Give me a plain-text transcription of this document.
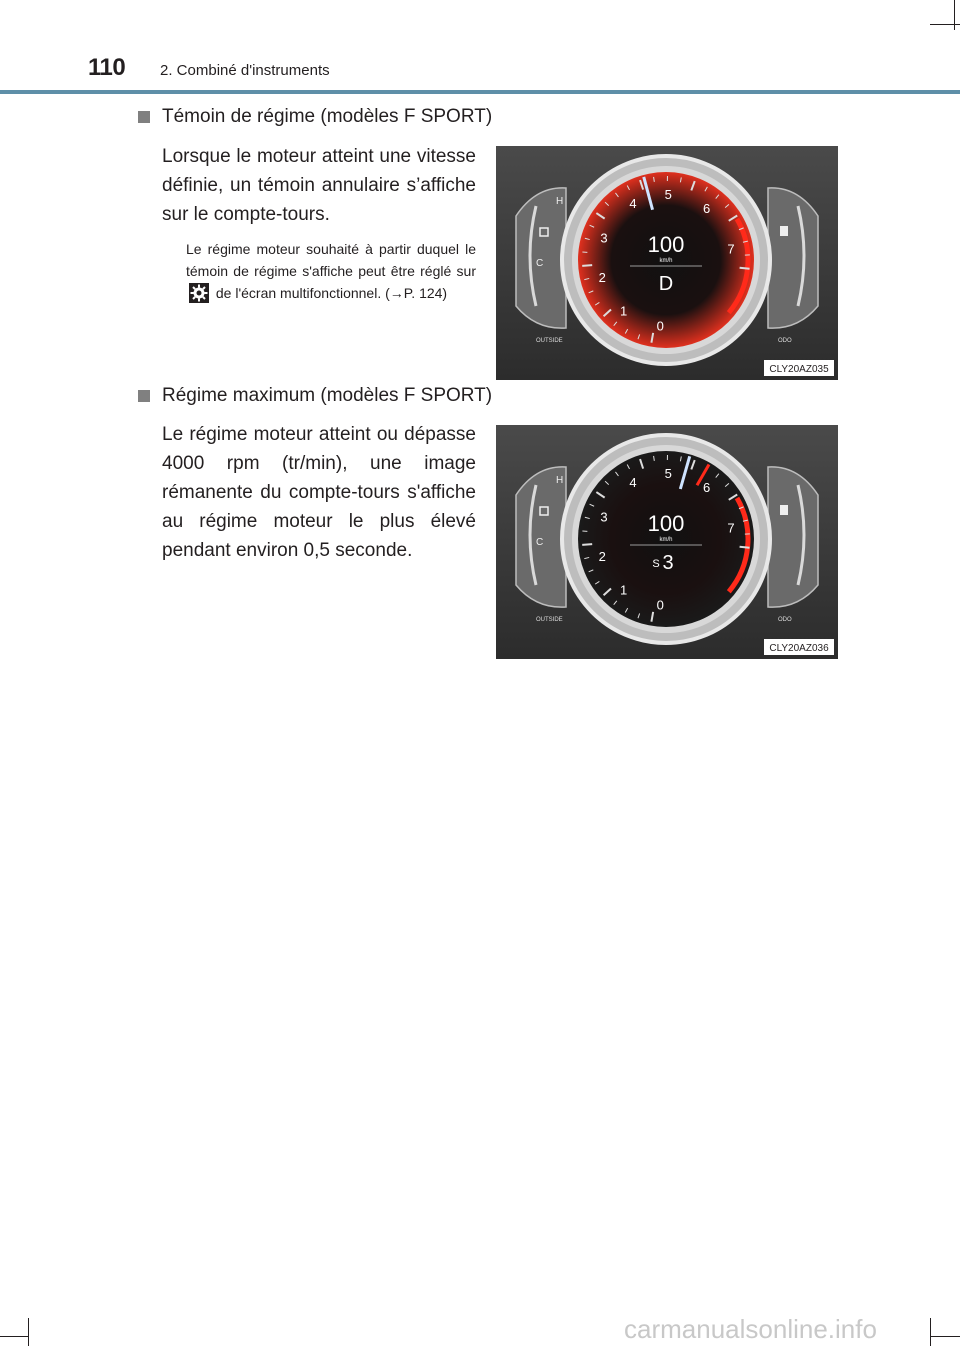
110 2. Combiné d'instruments
Témoin de régime (modèles F SPORT)
Lorsque le moteur atteint une vitesse définie, un témoin annulaire s’affiche sur le compte-tours.
Le régime moteur souhaité à partir duquel le témoin de régime s'affiche peut être réglé sur  de l'écran multifonctionnel. (→P. 124)
H
C
OUTSIDE	ODO
0
1
2
3
4
5
6
7
100
km/h
D
CLY20AZ035
Régime maximum (modèles F SPORT)
Le régime moteur atteint ou dépasse 4000 rpm (tr/min), une image rémanente du compte-tours s'affiche au régime moteur le plus élevé pendant environ 0,5 seconde.
H
C
OUTSIDE	ODO
0
1
2
3
4
5
6
7
100
km/h
S 3
CLY20AZ036
carmanualsonline.info
